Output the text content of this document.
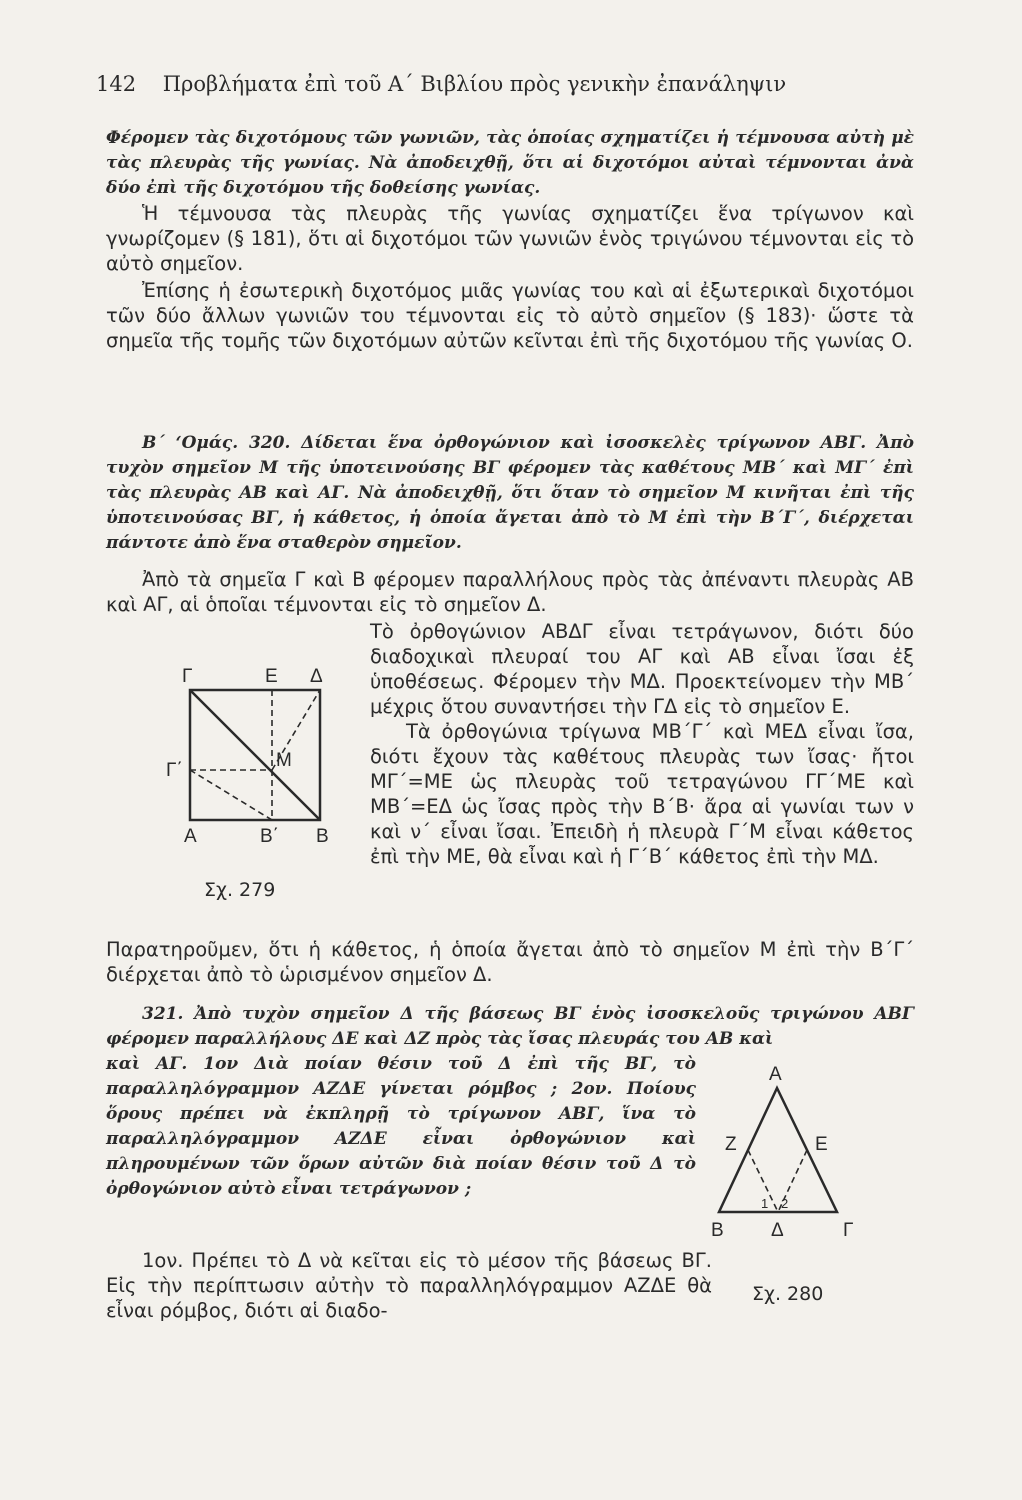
142 Προβλήματα ἐπὶ τοῦ Α΄ Βιβλίου πρὸς γενικὴν ἐπανάληψιν

Φέρομεν τὰς διχοτόμους τῶν γωνιῶν, τὰς ὁποίας σχηματίζει ἡ τέμνουσα αὐτὴ μὲ τὰς πλευρὰς τῆς γωνίας. Νὰ ἀποδειχθῇ, ὅτι αἱ διχοτόμοι αὐταὶ τέμνονται ἀνὰ δύο ἐπὶ τῆς διχοτόμου τῆς δοθείσης γωνίας.

Ἡ τέμνουσα τὰς πλευρὰς τῆς γωνίας σχηματίζει ἕνα τρίγωνον καὶ γνωρίζομεν (§ 181), ὅτι αἱ διχοτόμοι τῶν γωνιῶν ἑνὸς τριγώνου τέμνονται εἰς τὸ αὐτὸ σημεῖον.

Ἐπίσης ἡ ἐσωτερικὴ διχοτόμος μιᾶς γωνίας του καὶ αἱ ἐξωτερικαὶ διχοτόμοι τῶν δύο ἄλλων γωνιῶν του τέμνονται εἰς τὸ αὐτὸ σημεῖον (§ 183)· ὥστε τὰ σημεῖα τῆς τομῆς τῶν διχοτόμων αὐτῶν κεῖνται ἐπὶ τῆς διχοτόμου τῆς γωνίας Ο.

Β΄ ʻΟμάς. 320. Δίδεται ἕνα ὀρθογώνιον καὶ ἰσοσκελὲς τρίγωνον ΑΒΓ. Ἀπὸ τυχὸν σημεῖον Μ τῆς ὑποτεινούσης ΒΓ φέρομεν τὰς καθέτους ΜΒ΄ καὶ ΜΓ΄ ἐπὶ τὰς πλευρὰς ΑΒ καὶ ΑΓ. Νὰ ἀποδειχθῇ, ὅτι ὅταν τὸ σημεῖον Μ κινῆται ἐπὶ τῆς ὑποτεινούσας ΒΓ, ἡ κάθετος, ἡ ὁποία ἄγεται ἀπὸ τὸ Μ ἐπὶ τὴν Β΄Γ΄, διέρχεται πάντοτε ἀπὸ ἕνα σταθερὸν σημεῖον.

Ἀπὸ τὰ σημεῖα Γ καὶ Β φέρομεν παραλλήλους πρὸς τὰς ἀπέναντι πλευρὰς ΑΒ καὶ ΑΓ, αἱ ὁποῖαι τέμνονται εἰς τὸ σημεῖον Δ.

Τὸ ὀρθογώνιον ΑΒΔΓ εἶναι τετράγωνον, διότι δύο διαδοχικαὶ πλευραί του ΑΓ καὶ ΑΒ εἶναι ἴσαι ἐξ ὑποθέσεως. Φέρομεν τὴν ΜΔ. Προεκτείνομεν τὴν ΜΒ΄ μέχρις ὅτου συναντήσει τὴν ΓΔ εἰς τὸ σημεῖον Ε.

Τὰ ὀρθογώνια τρίγωνα ΜΒ΄Γ΄ καὶ ΜΕΔ εἶναι ἴσα, διότι ἔχουν τὰς καθέτους πλευρὰς των ἴσας· ἤτοι ΜΓ΄=ΜΕ ὡς πλευρὰς τοῦ τετραγώνου ΓΓ΄ΜΕ καὶ ΜΒ΄=ΕΔ ὡς ἴσας πρὸς τὴν Β΄Β· ἄρα αἱ γωνίαι των ν καὶ ν΄ εἶναι ἴσαι. Ἐπειδὴ ἡ πλευρὰ Γ΄Μ εἶναι κάθετος ἐπὶ τὴν ΜΕ, θὰ εἶναι καὶ ἡ Γ΄Β΄ κάθετος ἐπὶ τὴν ΜΔ.

Γ	Ε Δ
Γ΄	Μ
Α	Β΄ Β
Σχ. 279

Παρατηροῦμεν, ὅτι ἡ κάθετος, ἡ ὁποία ἄγεται ἀπὸ τὸ σημεῖον Μ ἐπὶ τὴν Β΄Γ΄ διέρχεται ἀπὸ τὸ ὡρισμένον σημεῖον Δ.

321. Ἀπὸ τυχὸν σημεῖον Δ τῆς βάσεως ΒΓ ἑνὸς ἰσοσκελοῦς τριγώνου ΑΒΓ φέρομεν παραλλήλους ΔΕ καὶ ΔΖ πρὸς τὰς ἴσας πλευράς του ΑΒ καὶ

καὶ ΑΓ. 1ον Διὰ ποίαν θέσιν τοῦ Δ ἐπὶ τῆς ΒΓ, τὸ παραλληλόγραμμον ΑΖΔΕ γίνεται ρόμβος ; 2ον. Ποίους ὅρους πρέπει νὰ ἐκπληρῇ τὸ τρίγωνον ΑΒΓ, ἵνα τὸ παραλληλόγραμμον ΑΖΔΕ εἶναι ὀρθογώνιον καὶ πληρουμένων τῶν ὅρων αὐτῶν διὰ ποίαν θέσιν τοῦ Δ τὸ ὀρθογώνιον αὐτὸ εἶναι τετράγωνον ;

Α
Ζ	Ε
Β Δ	Γ
1 2
Σχ. 280

1ον. Πρέπει τὸ Δ νὰ κεῖται εἰς τὸ μέσον τῆς βάσεως ΒΓ. Εἰς τὴν περίπτωσιν αὐτὴν τὸ παραλληλόγραμμον ΑΖΔΕ θὰ εἶναι ρόμβος, διότι αἱ διαδο-
